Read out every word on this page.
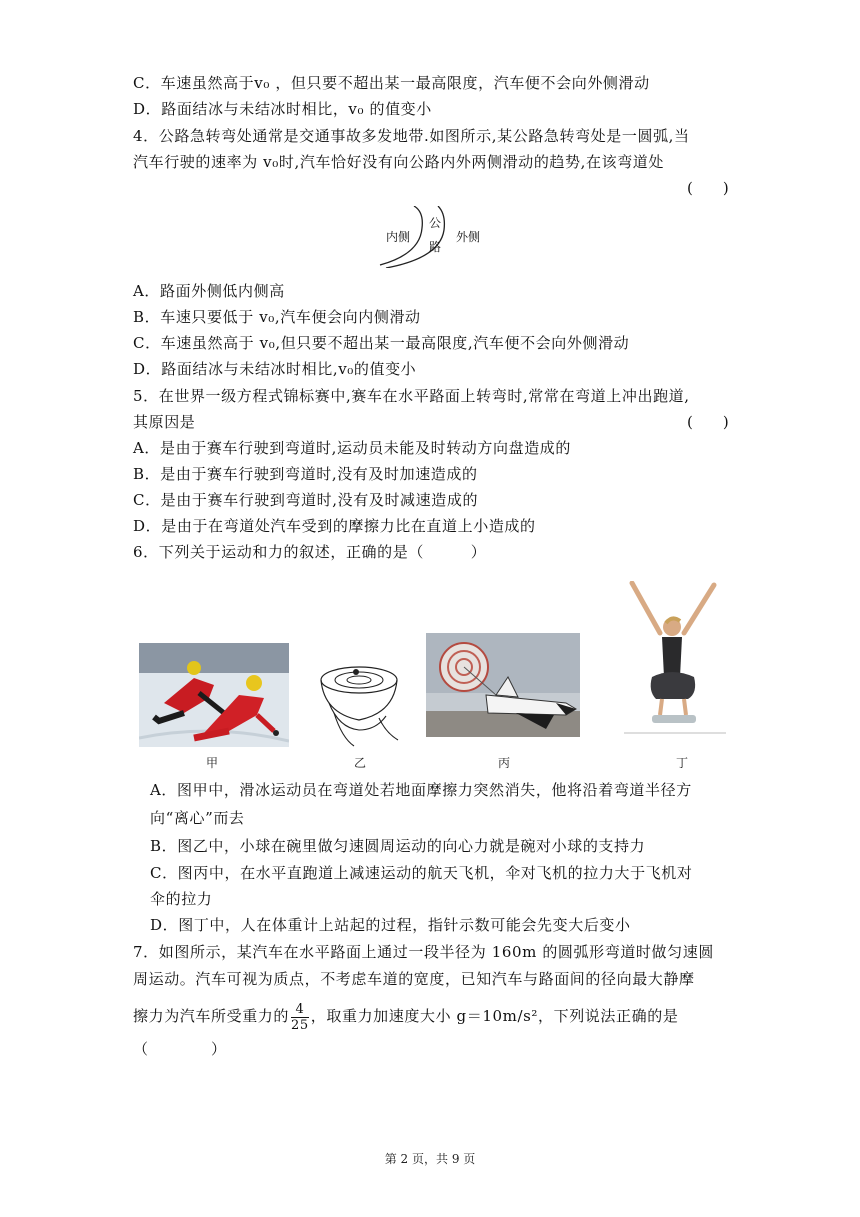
C．车速虽然高于v₀ ，但只要不超出某一最高限度，汽车便不会向外侧滑动
D．路面结冰与未结冰时相比，v₀ 的值变小
4．公路急转弯处通常是交通事故多发地带.如图所示,某公路急转弯处是一圆弧,当
汽车行驶的速率为 v₀时,汽车恰好没有向公路内外两侧滑动的趋势,在该弯道处
(　　)
内侧
公
路
外侧
A．路面外侧低内侧高
B．车速只要低于 v₀,汽车便会向内侧滑动
C．车速虽然高于 v₀,但只要不超出某一最高限度,汽车便不会向外侧滑动
D．路面结冰与未结冰时相比,v₀的值变小
5．在世界一级方程式锦标赛中,赛车在水平路面上转弯时,常常在弯道上冲出跑道,
其原因是	(　　)
A．是由于赛车行驶到弯道时,运动员未能及时转动方向盘造成的
B．是由于赛车行驶到弯道时,没有及时加速造成的
C．是由于赛车行驶到弯道时,没有及时减速造成的
D．是由于在弯道处汽车受到的摩擦力比在直道上小造成的
6．下列关于运动和力的叙述，正确的是（　　　）
甲	乙	丙	丁
A．图甲中，滑冰运动员在弯道处若地面摩擦力突然消失，他将沿着弯道半径方
向“离心”而去
B．图乙中，小球在碗里做匀速圆周运动的向心力就是碗对小球的支持力
C．图丙中，在水平直跑道上减速运动的航天飞机，伞对飞机的拉力大于飞机对
伞的拉力
D．图丁中，人在体重计上站起的过程，指针示数可能会先变大后变小
7．如图所示，某汽车在水平路面上通过一段半径为 160m 的圆弧形弯道时做匀速圆
周运动。汽车可视为质点，不考虑车道的宽度，已知汽车与路面间的径向最大静摩
擦力为汽车所受重力的 $\frac{4}{25}$ ，取重力加速度大小 g＝10m/s²，下列说法正确的是
（　　　　）
第 2 页，共 9 页
